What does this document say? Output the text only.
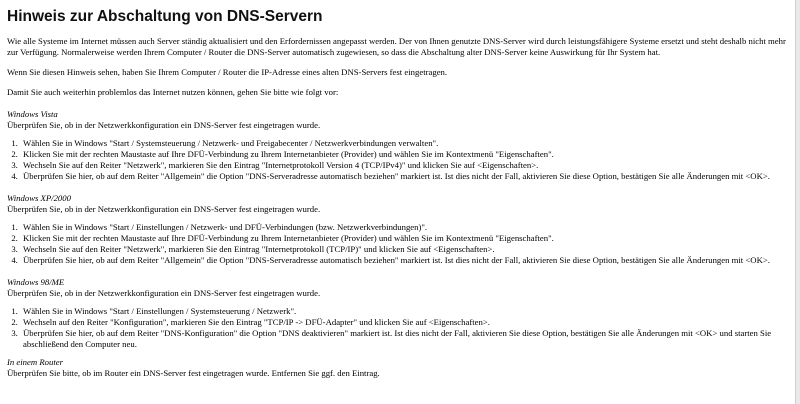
Hinweis zur Abschaltung von DNS-Servern

Wie alle Systeme im Internet müssen auch Server ständig aktualisiert und den Erfordernissen angepasst werden. Der von Ihnen genutzte DNS-Server wird durch leistungsfähigere Systeme ersetzt und steht deshalb nicht mehr zur Verfügung. Normalerweise werden Ihrem Computer / Router die DNS-Server automatisch zugewiesen, so dass die Abschaltung alter DNS-Server keine Auswirkung für Ihr System hat.

Wenn Sie diesen Hinweis sehen, haben Sie Ihrem Computer / Router die IP-Adresse eines alten DNS-Servers fest eingetragen.

Damit Sie auch weiterhin problemlos das Internet nutzen können, gehen Sie bitte wie folgt vor:

Windows Vista
Überprüfen Sie, ob in der Netzwerkkonfiguration ein DNS-Server fest eingetragen wurde.
1. Wählen Sie in Windows "Start / Systemsteuerung / Netzwerk- und Freigabecenter / Netzwerkverbindungen verwalten".
2. Klicken Sie mit der rechten Maustaste auf Ihre DFÜ-Verbindung zu Ihrem Internetanbieter (Provider) und wählen Sie im Kontextmenü "Eigenschaften".
3. Wechseln Sie auf den Reiter "Netzwerk", markieren Sie den Eintrag "Internetprotokoll Version 4 (TCP/IPv4)" und klicken Sie auf <Eigenschaften>.
4. Überprüfen Sie hier, ob auf dem Reiter "Allgemein" die Option "DNS-Serveradresse automatisch beziehen" markiert ist. Ist dies nicht der Fall, aktivieren Sie diese Option, bestätigen Sie alle Änderungen mit <OK>.
Windows XP/2000
Überprüfen Sie, ob in der Netzwerkkonfiguration ein DNS-Server fest eingetragen wurde.
1. Wählen Sie in Windows "Start / Einstellungen / Netzwerk- und DFÜ-Verbindungen (bzw. Netzwerkverbindungen)".
2. Klicken Sie mit der rechten Maustaste auf Ihre DFÜ-Verbindung zu Ihrem Internetanbieter (Provider) und wählen Sie im Kontextmenü "Eigenschaften".
3. Wechseln Sie auf den Reiter "Netzwerk", markieren Sie den Eintrag "Internetprotokoll (TCP/IP)" und klicken Sie auf <Eigenschaften>.
4. Überprüfen Sie hier, ob auf dem Reiter "Allgemein" die Option "DNS-Serveradresse automatisch beziehen" markiert ist. Ist dies nicht der Fall, aktivieren Sie diese Option, bestätigen Sie alle Änderungen mit <OK>.
Windows 98/ME
Überprüfen Sie, ob in der Netzwerkkonfiguration ein DNS-Server fest eingetragen wurde.
1. Wählen Sie in Windows "Start / Einstellungen / Systemsteuerung / Netzwerk".
2. Wechseln auf den Reiter "Konfiguration", markieren Sie den Eintrag "TCP/IP -> DFÜ-Adapter" und klicken Sie auf <Eigenschaften>.
3. Überprüfen Sie hier, ob auf dem Reiter "DNS-Konfiguration" die Option "DNS deaktivieren" markiert ist. Ist dies nicht der Fall, aktivieren Sie diese Option, bestätigen Sie alle Änderungen mit <OK> und starten Sie abschließend den Computer neu.
In einem Router
Überprüfen Sie bitte, ob im Router ein DNS-Server fest eingetragen wurde. Entfernen Sie ggf. den Eintrag.
